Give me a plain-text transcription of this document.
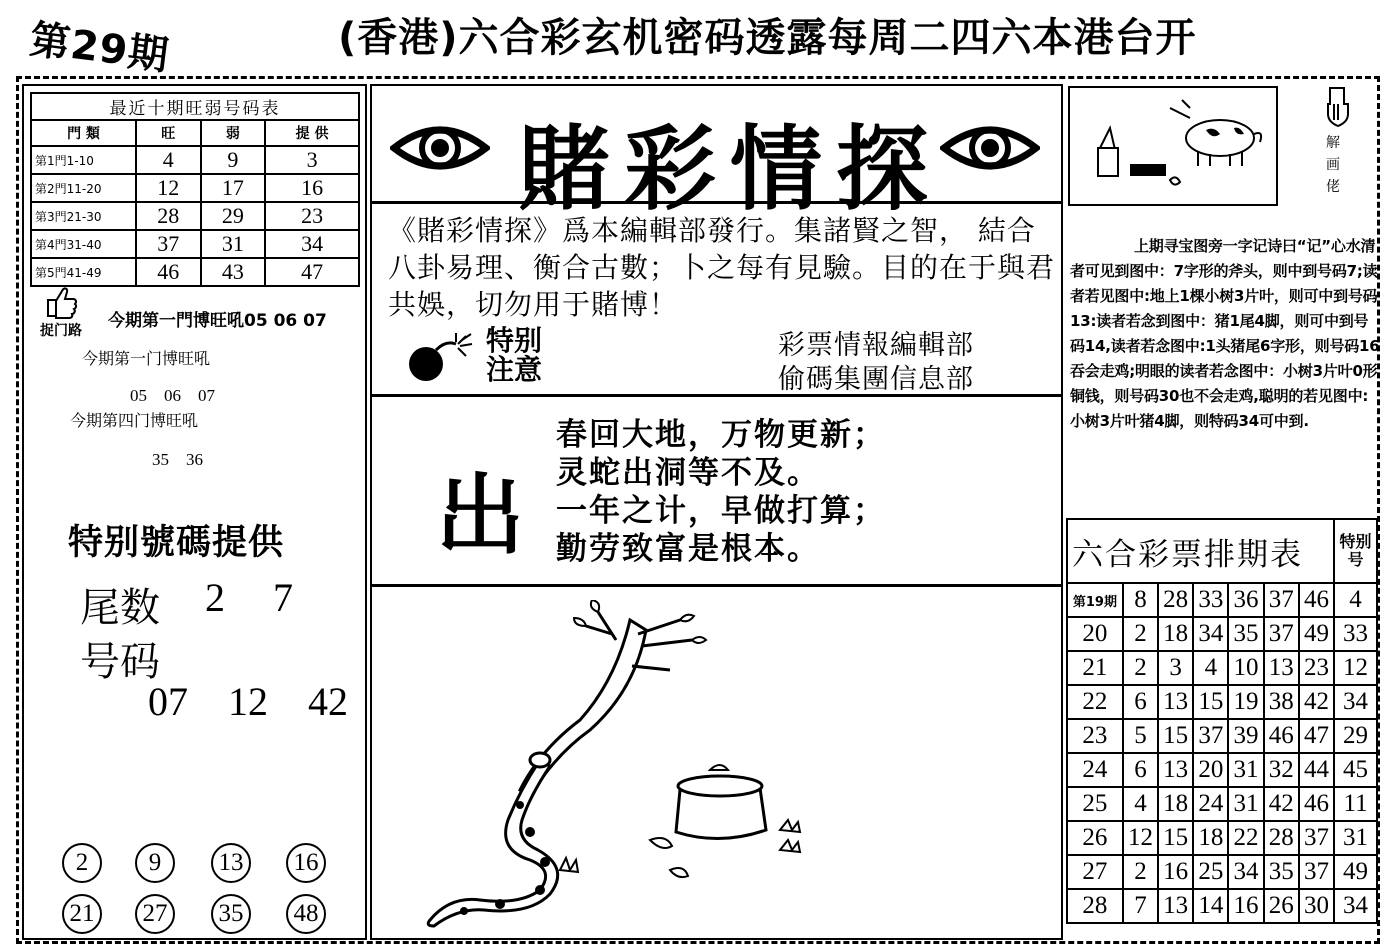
第29期	(香港)六合彩玄机密码透露每周二四六本港台开
最近十期旺弱号码表			
門 類	旺	弱	提 供
第1門1-10	4	9	3
第2門11-20	12	17	16
第3門21-30	28	29	23
第4門31-40	37	31	34
第5門41-49	46	43	47
捉门路 今期第一門博旺吼05 06 07
今期第一门博旺吼
05    06    07
今期第四门博旺吼
35    36
特别號碼提供
尾数 2 7
号码
07 12 42
2	9	13	16
21	27	35	48
賭彩情探
《賭彩情探》爲本編輯部發行。集諸賢之智， 結合八卦易理、衡合古數；卜之每有見驗。目的在于與君共娛，切勿用于賭博！
特别
注意
彩票情報編輯部
偷碼集團信息部
出
春回大地，万物更新；
灵蛇出洞等不及。
一年之计，早做打算；
勤劳致富是根本。
解画佬
上期寻宝图旁一字记诗曰“记”心水清者可见到图中：7字形的斧头，则中到号码7;读者若见图中:地上1棵小树3片叶，则可中到号码13:读者若念到图中：猪1尾4脚，则可中到号码14,读者若念图中:1头猪尾6字形，则号码16吞会走鸡;明眼的读者若念图中：小树3片叶0形铜钱，则号码30也不会走鸡,聪明的若见图中:小树3片叶猪4脚，则特码34可中到.
六合彩票排期表							特别号
第19期	8	28	33	36	37	46	4
20	2	18	34	35	37	49	33
21	2	3	4	10	13	23	12
22	6	13	15	19	38	42	34
23	5	15	37	39	46	47	29
24	6	13	20	31	32	44	45
25	4	18	24	31	42	46	11
26	12	15	18	22	28	37	31
27	2	16	25	34	35	37	49
28	7	13	14	16	26	30	34
